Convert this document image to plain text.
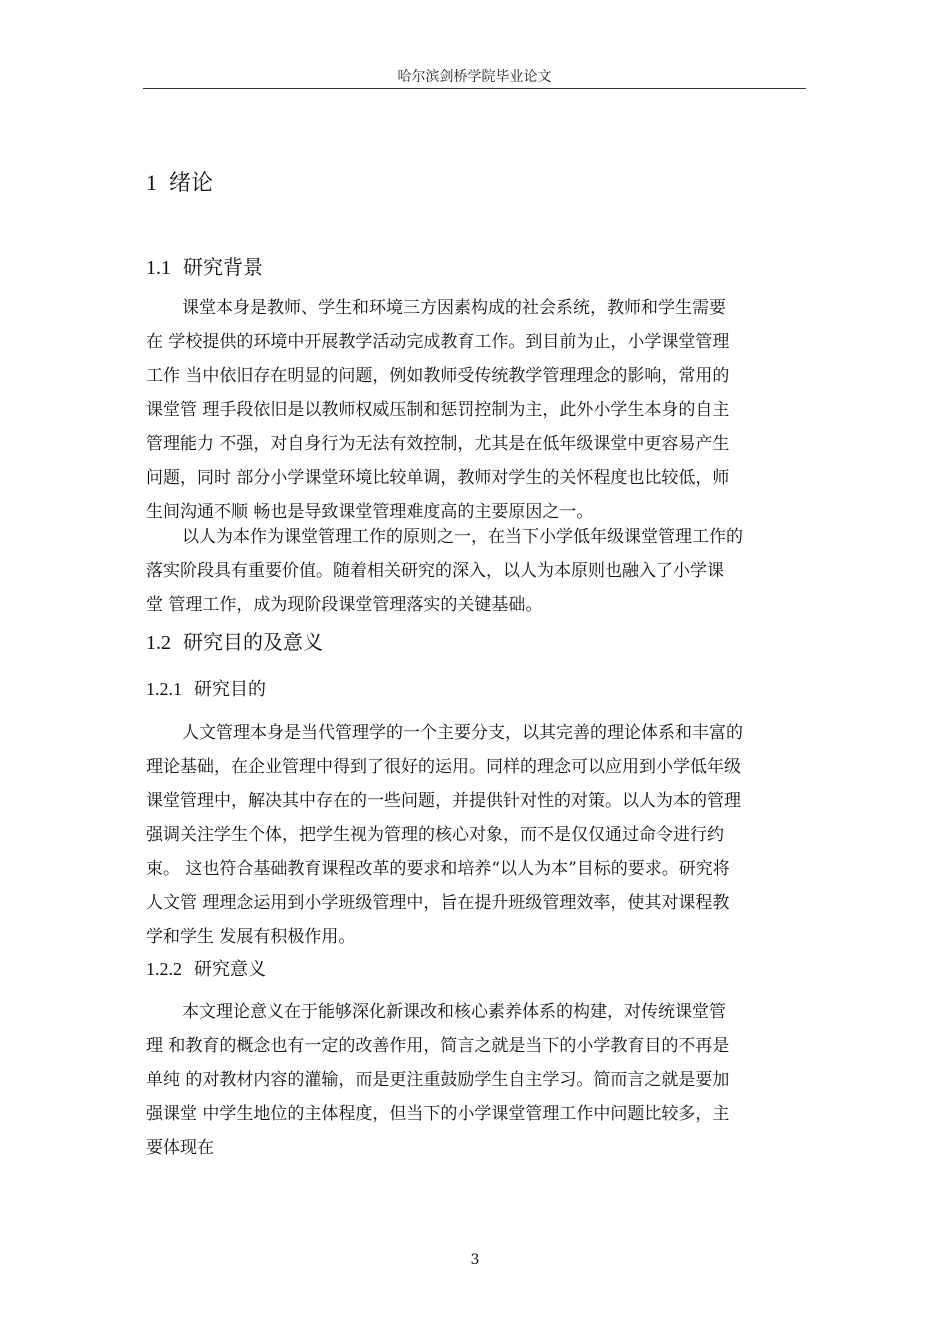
哈尔滨剑桥学院毕业论文
1 绪论
1.1 研究背景
课堂本身是教师、学生和环境三方因素构成的社会系统，教师和学生需要
在 学校提供的环境中开展教学活动完成教育工作。到目前为止，小学课堂管理
工作 当中依旧存在明显的问题，例如教师受传统教学管理理念的影响，常用的
课堂管 理手段依旧是以教师权威压制和惩罚控制为主，此外小学生本身的自主
管理能力 不强，对自身行为无法有效控制，尤其是在低年级课堂中更容易产生
问题，同时 部分小学课堂环境比较单调，教师对学生的关怀程度也比较低，师
生间沟通不顺 畅也是导致课堂管理难度高的主要原因之一。
以人为本作为课堂管理工作的原则之一，在当下小学低年级课堂管理工作的
落实阶段具有重要价值。随着相关研究的深入，以人为本原则也融入了小学课
堂 管理工作，成为现阶段课堂管理落实的关键基础。
1.2 研究目的及意义
1.2.1 研究目的
人文管理本身是当代管理学的一个主要分支，以其完善的理论体系和丰富的
理论基础，在企业管理中得到了很好的运用。同样的理念可以应用到小学低年级
课堂管理中，解决其中存在的一些问题，并提供针对性的对策。以人为本的管理
强调关注学生个体，把学生视为管理的核心对象，而不是仅仅通过命令进行约
束。 这也符合基础教育课程改革的要求和培养“以人为本”目标的要求。研究将
人文管 理理念运用到小学班级管理中，旨在提升班级管理效率，使其对课程教
学和学生 发展有积极作用。
1.2.2 研究意义
本文理论意义在于能够深化新课改和核心素养体系的构建，对传统课堂管
理 和教育的概念也有一定的改善作用，简言之就是当下的小学教育目的不再是
单纯 的对教材内容的灌输，而是更注重鼓励学生自主学习。简而言之就是要加
强课堂 中学生地位的主体程度，但当下的小学课堂管理工作中问题比较多，主
要体现在
3
